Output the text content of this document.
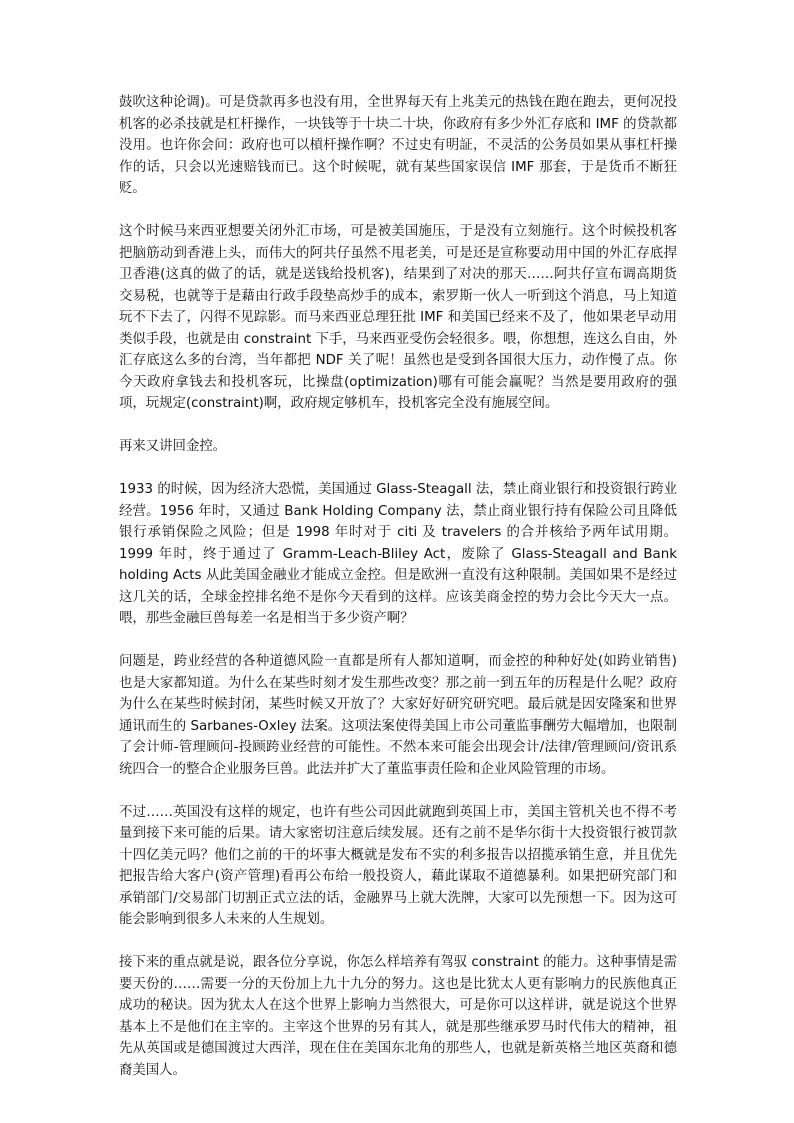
鼓吹这种论调)。可是贷款再多也没有用，全世界每天有上兆美元的热钱在跑在跑去，更何况投机客的必杀技就是杠杆操作，一块钱等于十块二十块，你政府有多少外汇存底和 IMF 的贷款都没用。也许你会问：政府也可以槓杆操作啊？不过史有明証，不灵活的公务员如果从事杠杆操作的话，只会以光速赔钱而已。这个时候呢，就有某些国家误信 IMF 那套，于是货币不断狂贬。

这个时候马来西亚想要关闭外汇市场，可是被美国施压，于是没有立刻施行。这个时候投机客把脑筋动到香港上头，而伟大的阿共仔虽然不甩老美，可是还是宣称要动用中国的外汇存底捍卫香港(这真的做了的话，就是送钱给投机客)，结果到了对决的那天……阿共仔宣布调高期货交易税，也就等于是藉由行政手段垫高炒手的成本，索罗斯一伙人一听到这个消息，马上知道玩不下去了，闪得不见踪影。而马来西亚总理狂批 IMF 和美国已经来不及了，他如果老早动用类似手段，也就是由 constraint 下手，马来西亚受伤会轻很多。喂，你想想，连这么自由，外汇存底这么多的台湾，当年都把 NDF 关了呢！虽然也是受到各国很大压力，动作慢了点。你今天政府拿钱去和投机客玩，比操盘(optimization)哪有可能会赢呢？当然是要用政府的强项，玩规定(constraint)啊，政府规定够机车，投机客完全没有施展空间。

再来又讲回金控。

1933 的时候，因为经济大恐慌，美国通过 Glass-Steagall 法，禁止商业银行和投资银行跨业经营。1956 年时，又通过 Bank Holding Company 法，禁止商业银行持有保险公司且降低银行承销保险之风险；但是 1998 年时对于 citi 及 travelers 的合并核给予两年试用期。1999 年时，终于通过了 Gramm-Leach-Bliley Act，废除了 Glass-Steagall and Bank holding Acts 从此美国金融业才能成立金控。但是欧洲一直没有这种限制。美国如果不是经过这几关的话，全球金控排名绝不是你今天看到的这样。应该美商金控的势力会比今天大一点。喂，那些金融巨兽每差一名是相当于多少资产啊？

问题是，跨业经营的各种道德风险一直都是所有人都知道啊，而金控的种种好处(如跨业销售)也是大家都知道。为什么在某些时刻才发生那些改变？那之前一到五年的历程是什么呢？政府为什么在某些时候封闭，某些时候又开放了？大家好好研究研究吧。最后就是因安隆案和世界通讯而生的 Sarbanes-Oxley 法案。这项法案使得美国上市公司董监事酬劳大幅增加，也限制了会计师-管理顾问-投顾跨业经营的可能性。不然本来可能会出现会计/法律/管理顾问/资讯系统四合一的整合企业服务巨兽。此法并扩大了董监事责任险和企业风险管理的市场。

不过……英国没有这样的规定，也许有些公司因此就跑到英国上市，美国主管机关也不得不考量到接下来可能的后果。请大家密切注意后续发展。还有之前不是华尔街十大投资银行被罚款十四亿美元吗？他们之前的干的坏事大概就是发布不实的利多报告以招揽承销生意，并且优先把报告给大客户(资产管理)看再公布给一般投资人，藉此谋取不道德暴利。如果把研究部门和承销部门/交易部门切割正式立法的话，金融界马上就大洗牌，大家可以先预想一下。因为这可能会影响到很多人未来的人生规划。

接下来的重点就是说，跟各位分享说，你怎么样培养有驾驭 constraint 的能力。这种事情是需要天份的……需要一分的天份加上九十九分的努力。这也是比犹太人更有影响力的民族他真正成功的秘诀。因为犹太人在这个世界上影响力当然很大，可是你可以这样讲，就是说这个世界基本上不是他们在主宰的。主宰这个世界的另有其人，就是那些继承罗马时代伟大的精神，祖先从英国或是德国渡过大西洋，现在住在美国东北角的那些人，也就是新英格兰地区英裔和德裔美国人。
